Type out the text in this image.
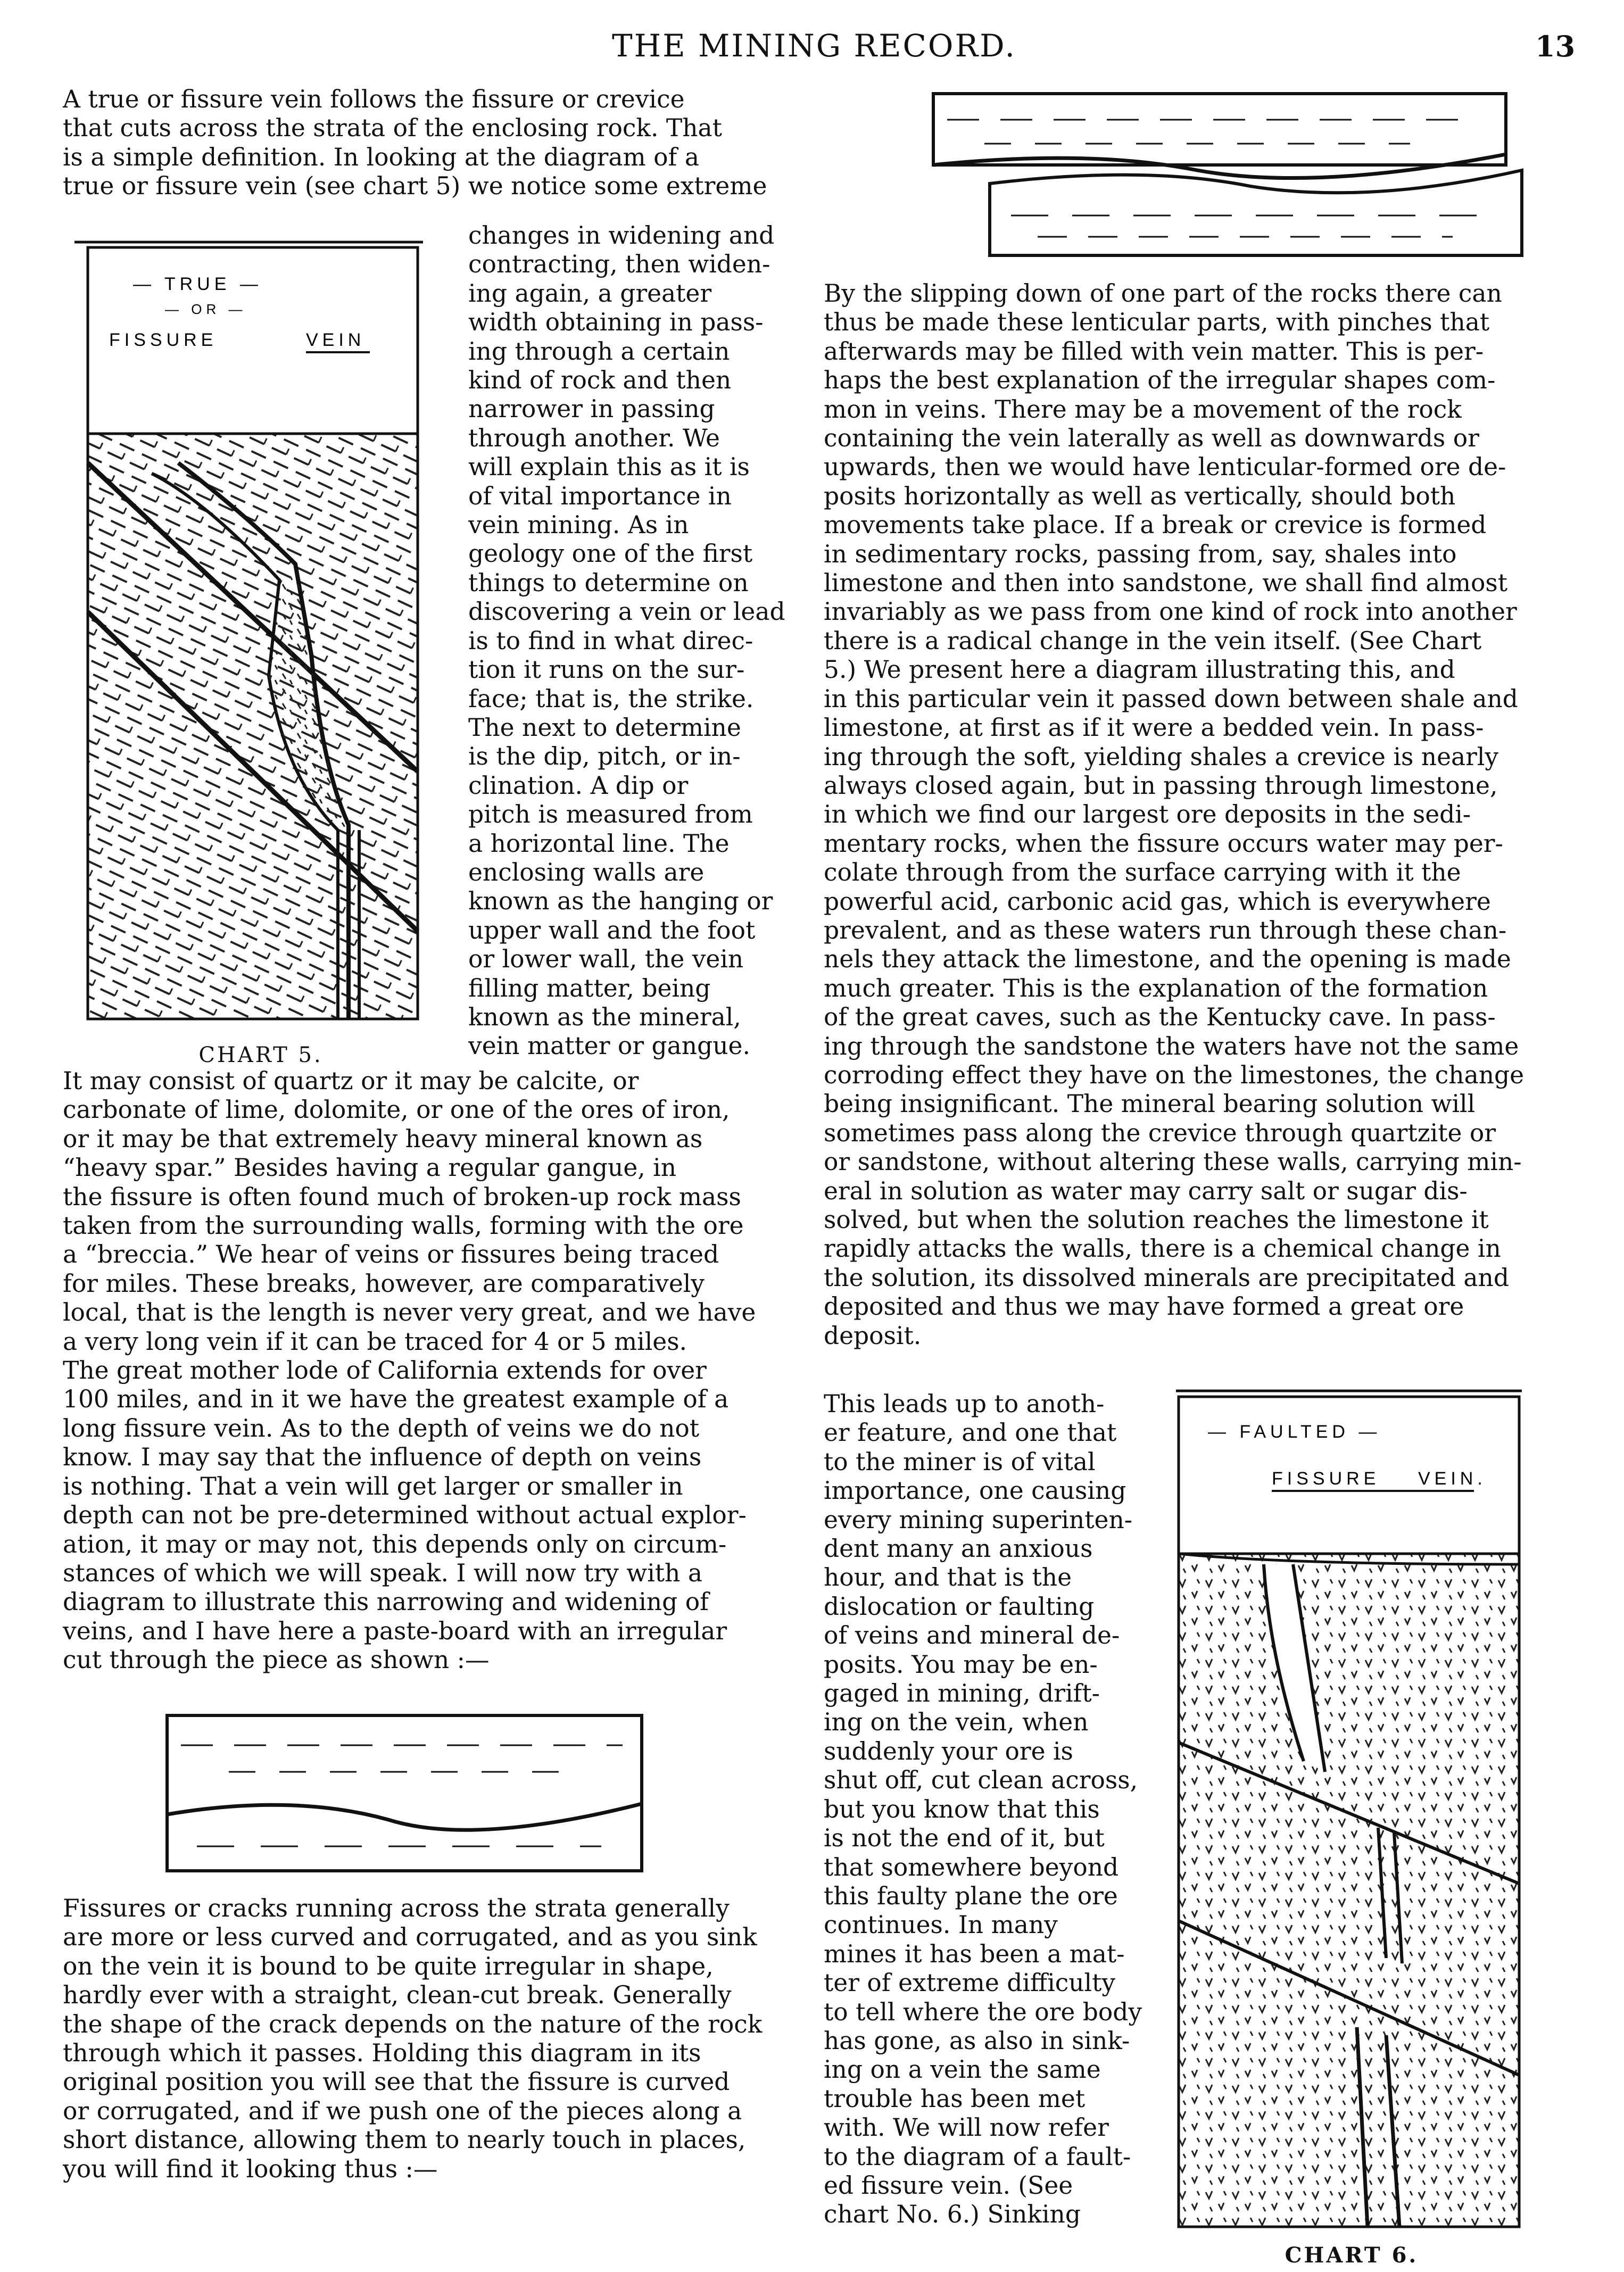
THE MINING RECORD.	13
A true or fissure vein follows the fissure or crevice
that cuts across the strata of the enclosing rock. That
is a simple definition. In looking at the diagram of a
true or fissure vein (see chart 5) we notice some extreme
— TRUE —
— OR —
FISSURE	VEIN
CHART 5.
changes in widening and
contracting, then widen-
ing again, a greater
width obtaining in pass-
ing through a certain
kind of rock and then
narrower in passing
through another. We
will explain this as it is
of vital importance in
vein mining. As in
geology one of the first
things to determine on
discovering a vein or lead
is to find in what direc-
tion it runs on the sur-
face; that is, the strike.
The next to determine
is the dip, pitch, or in-
clination. A dip or
pitch is measured from
a horizontal line. The
enclosing walls are
known as the hanging or
upper wall and the foot
or lower wall, the vein
filling matter, being
known as the mineral,
vein matter or gangue.
It may consist of quartz or it may be calcite, or
carbonate of lime, dolomite, or one of the ores of iron,
or it may be that extremely heavy mineral known as
“heavy spar.” Besides having a regular gangue, in
the fissure is often found much of broken-up rock mass
taken from the surrounding walls, forming with the ore
a “breccia.” We hear of veins or fissures being traced
for miles. These breaks, however, are comparatively
local, that is the length is never very great, and we have
a very long vein if it can be traced for 4 or 5 miles.
The great mother lode of California extends for over
100 miles, and in it we have the greatest example of a
long fissure vein. As to the depth of veins we do not
know. I may say that the influence of depth on veins
is nothing. That a vein will get larger or smaller in
depth can not be pre-determined without actual explor-
ation, it may or may not, this depends only on circum-
stances of which we will speak. I will now try with a
diagram to illustrate this narrowing and widening of
veins, and I have here a paste-board with an irregular
cut through the piece as shown :—
Fissures or cracks running across the strata generally
are more or less curved and corrugated, and as you sink
on the vein it is bound to be quite irregular in shape,
hardly ever with a straight, clean-cut break. Generally
the shape of the crack depends on the nature of the rock
through which it passes. Holding this diagram in its
original position you will see that the fissure is curved
or corrugated, and if we push one of the pieces along a
short distance, allowing them to nearly touch in places,
you will find it looking thus :—
By the slipping down of one part of the rocks there can
thus be made these lenticular parts, with pinches that
afterwards may be filled with vein matter. This is per-
haps the best explanation of the irregular shapes com-
mon in veins. There may be a movement of the rock
containing the vein laterally as well as downwards or
upwards, then we would have lenticular-formed ore de-
posits horizontally as well as vertically, should both
movements take place. If a break or crevice is formed
in sedimentary rocks, passing from, say, shales into
limestone and then into sandstone, we shall find almost
invariably as we pass from one kind of rock into another
there is a radical change in the vein itself. (See Chart
5.) We present here a diagram illustrating this, and
in this particular vein it passed down between shale and
limestone, at first as if it were a bedded vein. In pass-
ing through the soft, yielding shales a crevice is nearly
always closed again, but in passing through limestone,
in which we find our largest ore deposits in the sedi-
mentary rocks, when the fissure occurs water may per-
colate through from the surface carrying with it the
powerful acid, carbonic acid gas, which is everywhere
prevalent, and as these waters run through these chan-
nels they attack the limestone, and the opening is made
much greater. This is the explanation of the formation
of the great caves, such as the Kentucky cave. In pass-
ing through the sandstone the waters have not the same
corroding effect they have on the limestones, the change
being insignificant. The mineral bearing solution will
sometimes pass along the crevice through quartzite or
or sandstone, without altering these walls, carrying min-
eral in solution as water may carry salt or sugar dis-
solved, but when the solution reaches the limestone it
rapidly attacks the walls, there is a chemical change in
the solution, its dissolved minerals are precipitated and
deposited and thus we may have formed a great ore
deposit.
This leads up to anoth-
er feature, and one that
to the miner is of vital
importance, one causing
every mining superinten-
dent many an anxious
hour, and that is the
dislocation or faulting
of veins and mineral de-
posits. You may be en-
gaged in mining, drift-
ing on the vein, when
suddenly your ore is
shut off, cut clean across,
but you know that this
is not the end of it, but
that somewhere beyond
this faulty plane the ore
continues. In many
mines it has been a mat-
ter of extreme difficulty
to tell where the ore body
has gone, as also in sink-
ing on a vein the same
trouble has been met
with. We will now refer
to the diagram of a fault-
ed fissure vein. (See
chart No. 6.) Sinking
— FAULTED —
FISSURE VEIN.
CHART 6.
